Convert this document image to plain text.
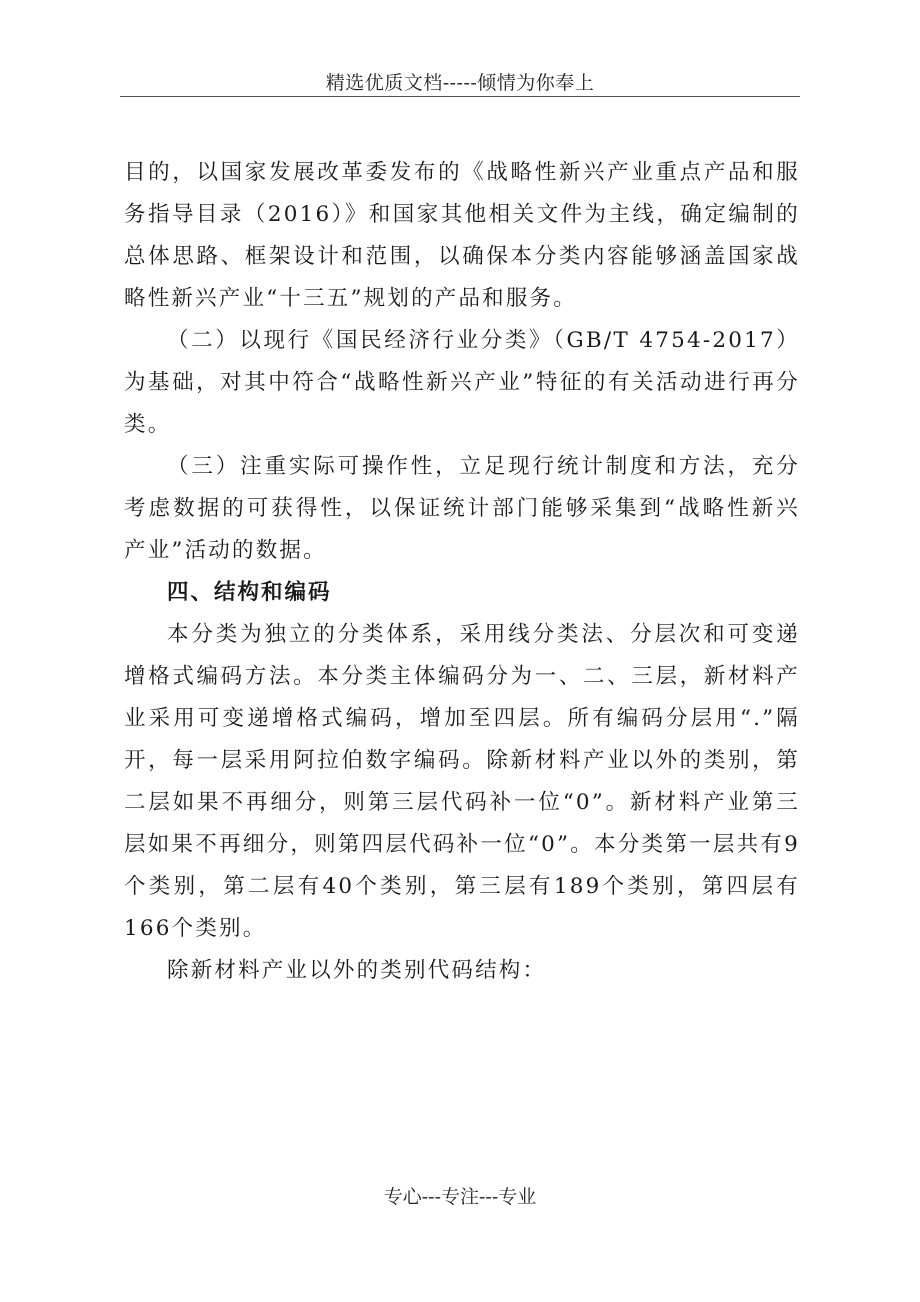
精选优质文档-----倾情为你奉上

目的，以国家发展改革委发布的《战略性新兴产业重点产品和服务指导目录（2016）》和国家其他相关文件为主线，确定编制的总体思路、框架设计和范围，以确保本分类内容能够涵盖国家战略性新兴产业“十三五”规划的产品和服务。

（二）以现行《国民经济行业分类》（GB/T 4754-2017）为基础，对其中符合“战略性新兴产业”特征的有关活动进行再分类。

（三）注重实际可操作性，立足现行统计制度和方法，充分考虑数据的可获得性，以保证统计部门能够采集到“战略性新兴产业”活动的数据。

四、结构和编码

本分类为独立的分类体系，采用线分类法、分层次和可变递增格式编码方法。本分类主体编码分为一、二、三层，新材料产业采用可变递增格式编码，增加至四层。所有编码分层用“.”隔开，每一层采用阿拉伯数字编码。除新材料产业以外的类别，第二层如果不再细分，则第三层代码补一位“0”。新材料产业第三层如果不再细分，则第四层代码补一位“0”。本分类第一层共有9个类别，第二层有40个类别，第三层有189个类别，第四层有166个类别。

除新材料产业以外的类别代码结构：

专心---专注---专业
